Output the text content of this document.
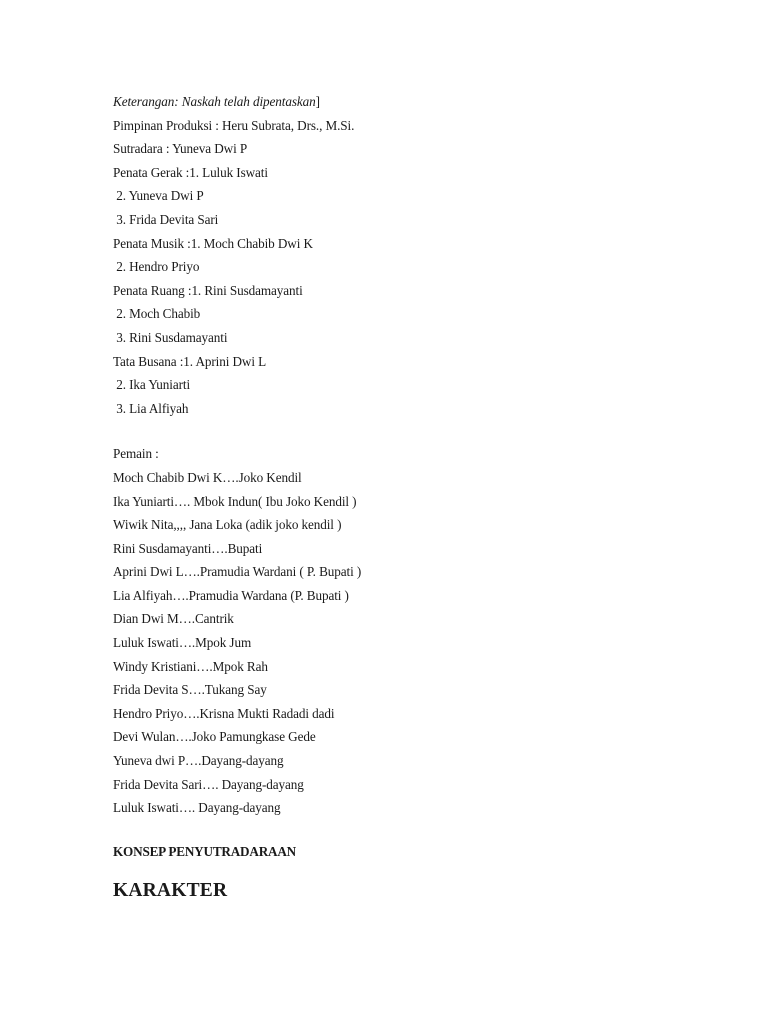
Keterangan: Naskah telah dipentaskan]
Pimpinan Produksi : Heru Subrata, Drs., M.Si.
Sutradara : Yuneva Dwi P
Penata Gerak :1. Luluk Iswati
2. Yuneva Dwi P
3. Frida Devita Sari
Penata Musik :1. Moch Chabib Dwi K
2. Hendro Priyo
Penata Ruang :1. Rini Susdamayanti
2. Moch Chabib
3. Rini Susdamayanti
Tata Busana :1. Aprini Dwi L
2. Ika Yuniarti
3. Lia Alfiyah
Pemain :
Moch Chabib Dwi K….Joko Kendil
Ika Yuniarti…. Mbok Indun( Ibu Joko Kendil )
Wiwik Nita,,,, Jana Loka (adik joko kendil )
Rini Susdamayanti….Bupati
Aprini Dwi L….Pramudia Wardani ( P. Bupati )
Lia Alfiyah….Pramudia Wardana (P. Bupati )
Dian Dwi M….Cantrik
Luluk Iswati….Mpok Jum
Windy Kristiani….Mpok Rah
Frida Devita S….Tukang Say
Hendro Priyo….Krisna Mukti Radadi dadi
Devi Wulan….Joko Pamungkase Gede
Yuneva dwi P….Dayang-dayang
Frida Devita Sari…. Dayang-dayang
Luluk Iswati…. Dayang-dayang
KONSEP PENYUTRADARAAN
KARAKTER
